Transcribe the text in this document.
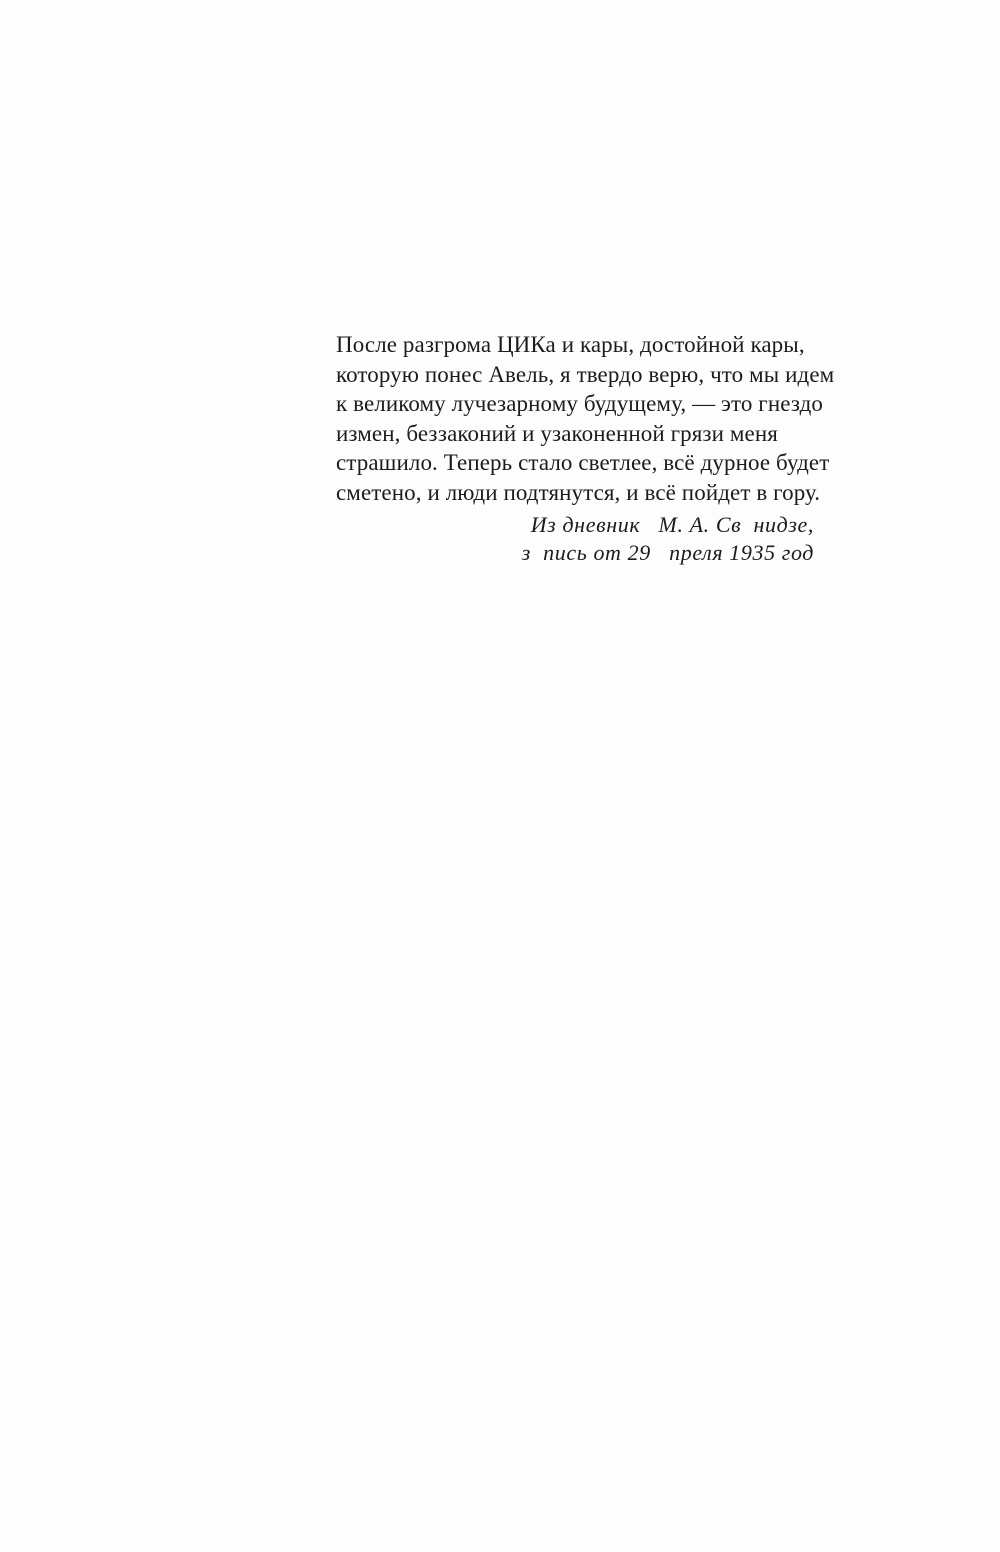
После разгрома ЦИКа и кары, достойной кары,
которую понес Авель, я твердо верю, что мы идем
к великому лучезарному будущему, — это гнездо
измен, беззаконий и узаконенной грязи меня
страшило. Теперь стало светлее, всё дурное будет
сметено, и люди подтянутся, и всё пойдет в гору.
Из дневник   М. А. Св  нидзе,
з  пись от 29   преля 1935 год
